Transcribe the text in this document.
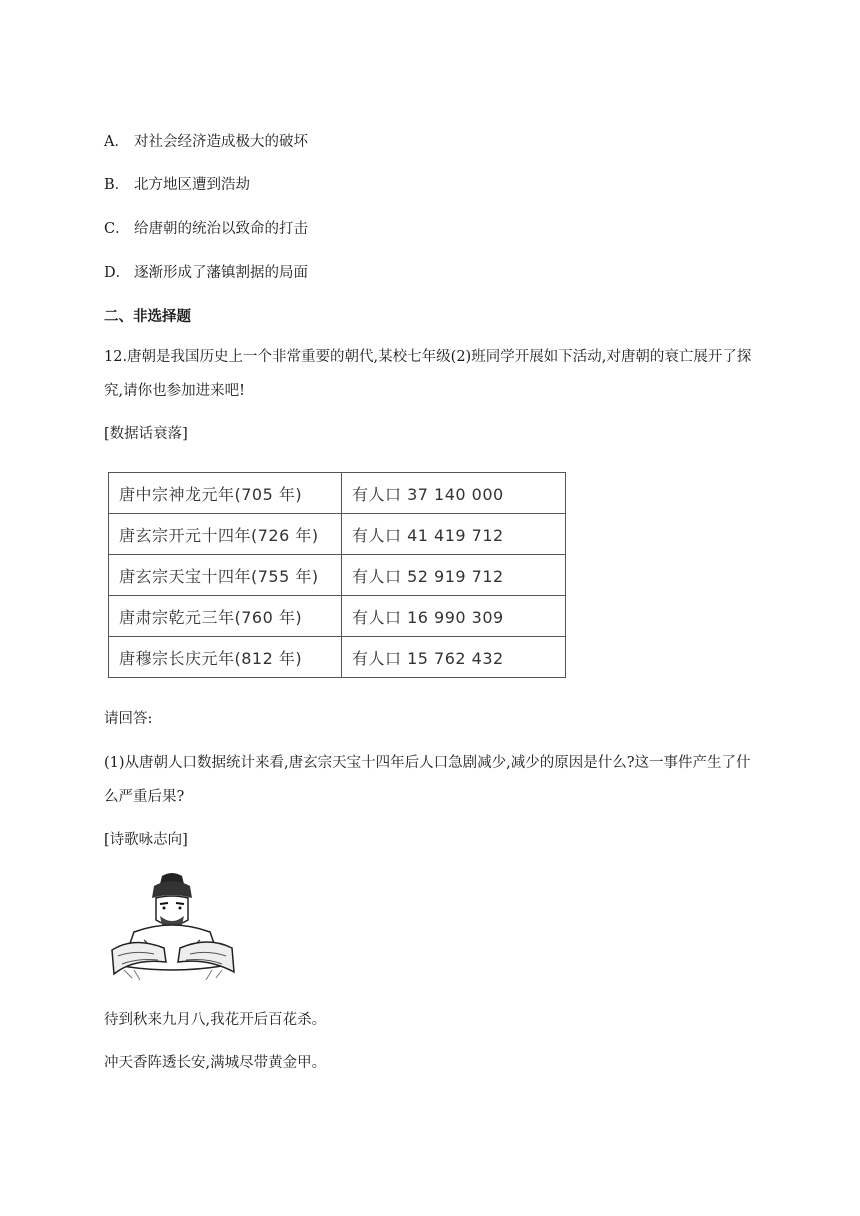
A． 对社会经济造成极大的破坏
B． 北方地区遭到浩劫
C． 给唐朝的统治以致命的打击
D． 逐渐形成了藩镇割据的局面
二、非选择题
12.唐朝是我国历史上一个非常重要的朝代,某校七年级(2)班同学开展如下活动,对唐朝的衰亡展开了探究,请你也参加进来吧!
[数据话衰落]
唐中宗神龙元年(705 年)	有人口 37 140 000
唐玄宗开元十四年(726 年)	有人口 41 419 712
唐玄宗天宝十四年(755 年)	有人口 52 919 712
唐肃宗乾元三年(760 年)	有人口 16 990 309
唐穆宗长庆元年(812 年)	有人口 15 762 432
请回答:
(1)从唐朝人口数据统计来看,唐玄宗天宝十四年后人口急剧减少,减少的原因是什么?这一事件产生了什么严重后果?
[诗歌咏志向]
待到秋来九月八,我花开后百花杀。
冲天香阵透长安,满城尽带黄金甲。
